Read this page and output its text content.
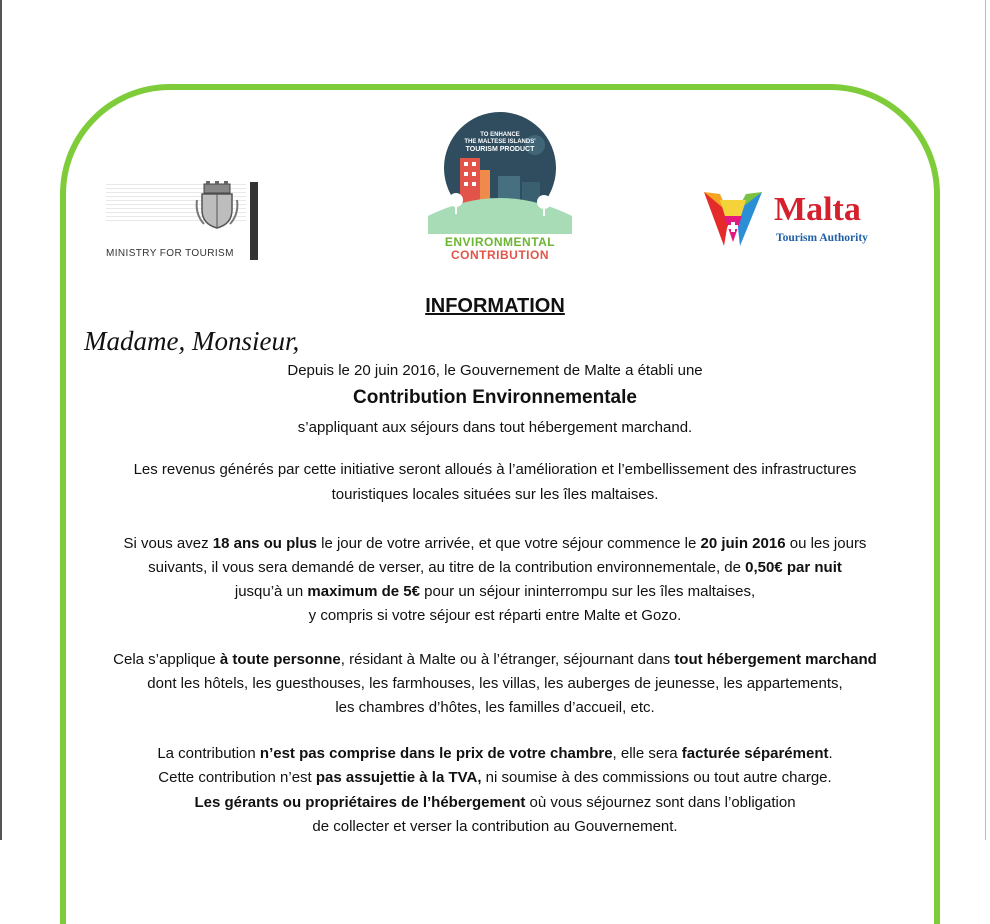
MINISTRY FOR TOURISM
TO ENHANCE
THE MALTESE ISLANDS'
TOURISM PRODUCT
ENVIRONMENTAL
CONTRIBUTION
Malta
Tourism Authority
INFORMATION
Madame, Monsieur,
Depuis le 20 juin 2016, le Gouvernement de Malte a établi une
Contribution Environnementale
s’appliquant aux séjours dans tout hébergement marchand.
Les revenus générés par cette initiative seront alloués à l’amélioration et l’embellissement des infrastructures
touristiques locales situées sur les îles maltaises.
Si vous avez 18 ans ou plus le jour de votre arrivée, et que votre séjour commence le 20 juin 2016 ou les jours
suivants, il vous sera demandé de verser, au titre de la contribution environnementale, de 0,50€ par nuit
jusqu’à un maximum de 5€ pour un séjour ininterrompu sur les îles maltaises,
y compris si votre séjour est réparti entre Malte et Gozo.
Cela s’applique à toute personne, résidant à Malte ou à l’étranger, séjournant dans tout hébergement marchand
dont les hôtels, les guesthouses, les farmhouses, les villas, les auberges de jeunesse, les appartements,
les chambres d’hôtes, les familles d’accueil, etc.
La contribution n’est pas comprise dans le prix de votre chambre, elle sera facturée séparément.
Cette contribution n’est pas assujettie à la TVA, ni soumise à des commissions ou tout autre charge.
Les gérants ou propriétaires de l’hébergement où vous séjournez sont dans l’obligation
de collecter et verser la contribution au Gouvernement.
